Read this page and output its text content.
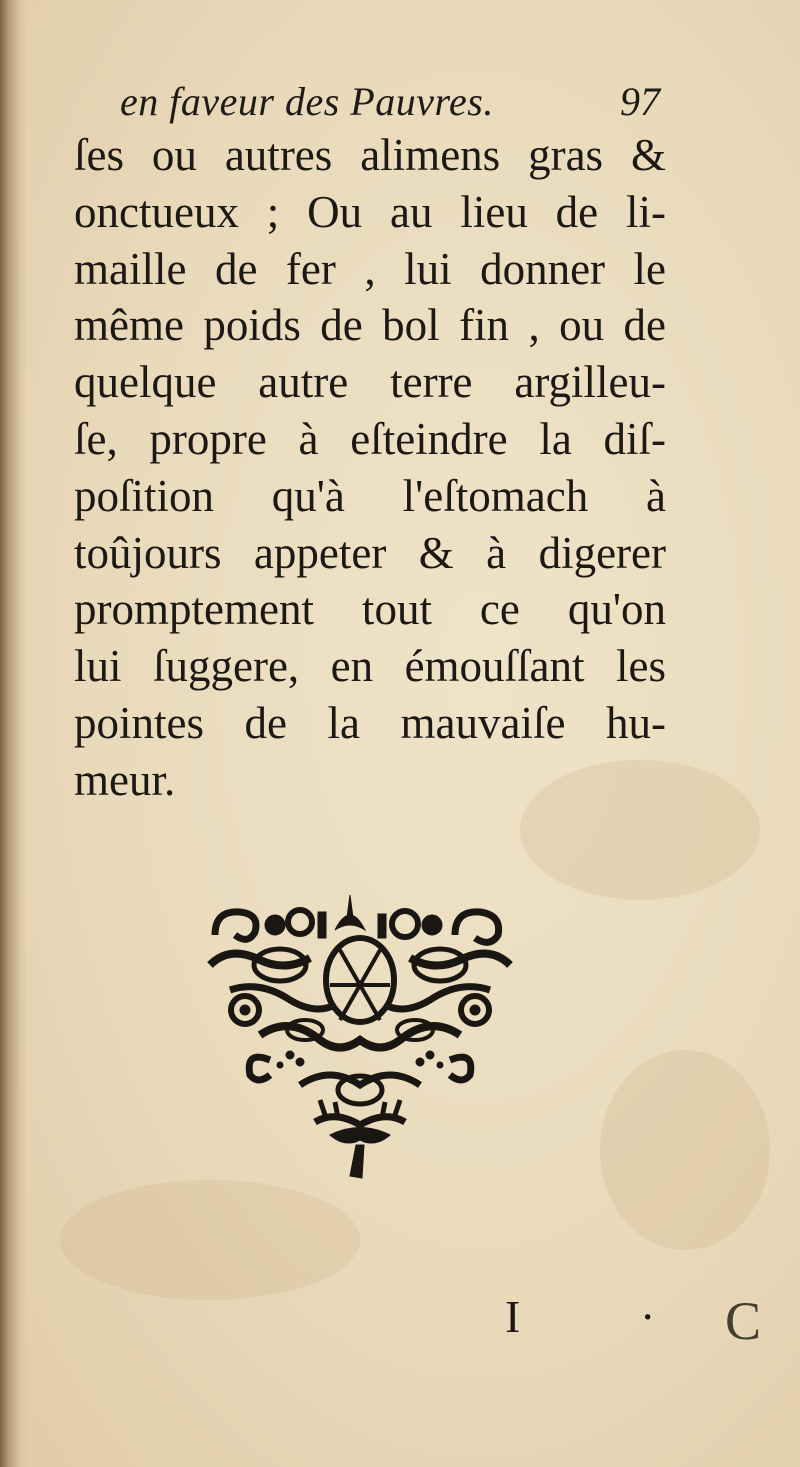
en faveur des Pauvres.	97
ſes ou autres alimens gras &
onctueux ; Ou au lieu de li-
maille de fer , lui donner le
même poids de bol fin , ou de
quelque autre terre argilleu-
ſe, propre à eſteindre la diſ-
poſition qu'à l'eſtomach à
toûjours appeter & à digerer
promptement tout ce qu'on
lui ſuggere, en émouſſant les
pointes de la mauvaiſe hu-
meur.
I	· C
